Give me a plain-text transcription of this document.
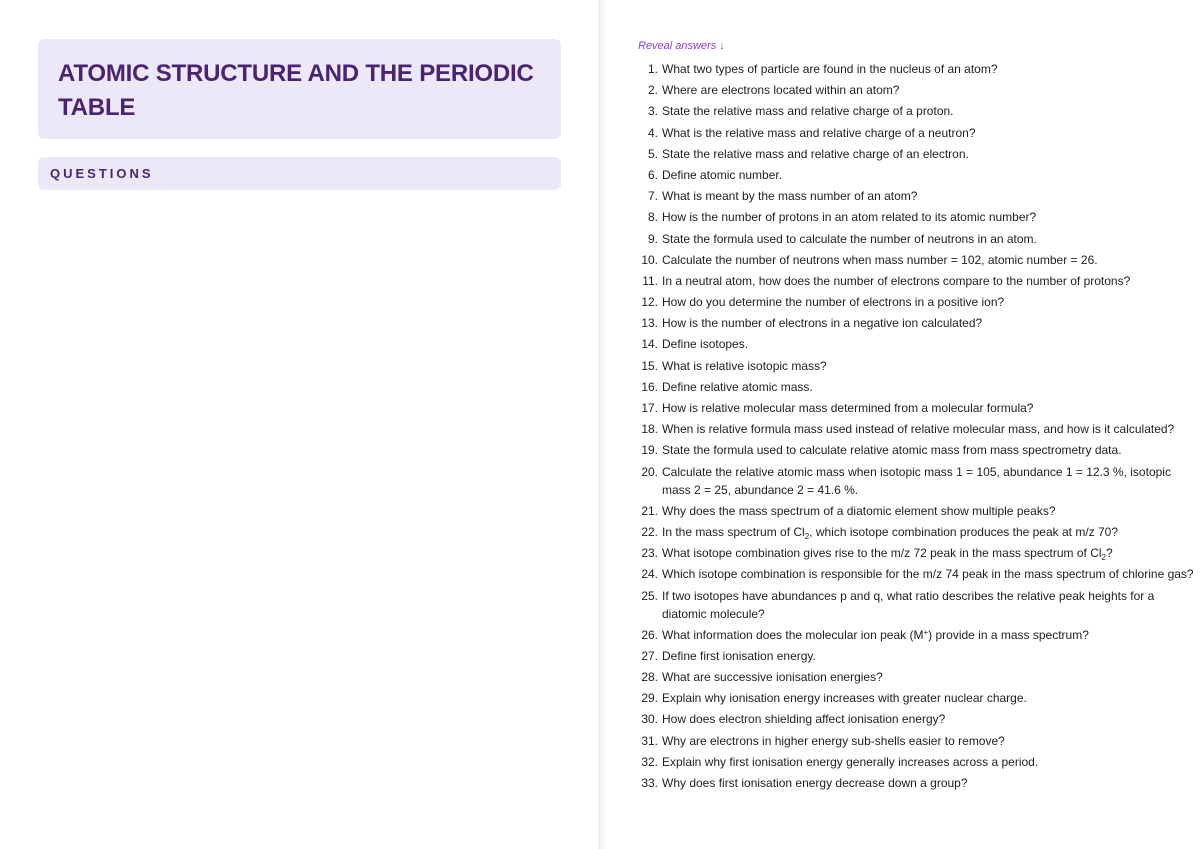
ATOMIC STRUCTURE AND THE PERIODIC TABLE
QUESTIONS
Reveal answers ↓
1. What two types of particle are found in the nucleus of an atom?
2. Where are electrons located within an atom?
3. State the relative mass and relative charge of a proton.
4. What is the relative mass and relative charge of a neutron?
5. State the relative mass and relative charge of an electron.
6. Define atomic number.
7. What is meant by the mass number of an atom?
8. How is the number of protons in an atom related to its atomic number?
9. State the formula used to calculate the number of neutrons in an atom.
10. Calculate the number of neutrons when mass number = 102, atomic number = 26.
11. In a neutral atom, how does the number of electrons compare to the number of protons?
12. How do you determine the number of electrons in a positive ion?
13. How is the number of electrons in a negative ion calculated?
14. Define isotopes.
15. What is relative isotopic mass?
16. Define relative atomic mass.
17. How is relative molecular mass determined from a molecular formula?
18. When is relative formula mass used instead of relative molecular mass, and how is it calculated?
19. State the formula used to calculate relative atomic mass from mass spectrometry data.
20. Calculate the relative atomic mass when isotopic mass 1 = 105, abundance 1 = 12.3 %, isotopic mass 2 = 25, abundance 2 = 41.6 %.
21. Why does the mass spectrum of a diatomic element show multiple peaks?
22. In the mass spectrum of $Cl_2$, which isotope combination produces the peak at m/z 70?
23. What isotope combination gives rise to the m/z 72 peak in the mass spectrum of $Cl_2$?
24. Which isotope combination is responsible for the m/z 74 peak in the mass spectrum of chlorine gas?
25. If two isotopes have abundances p and q, what ratio describes the relative peak heights for a diatomic molecule?
26. What information does the molecular ion peak (M+) provide in a mass spectrum?
27. Define first ionisation energy.
28. What are successive ionisation energies?
29. Explain why ionisation energy increases with greater nuclear charge.
30. How does electron shielding affect ionisation energy?
31. Why are electrons in higher energy sub-shells easier to remove?
32. Explain why first ionisation energy generally increases across a period.
33. Why does first ionisation energy decrease down a group?
